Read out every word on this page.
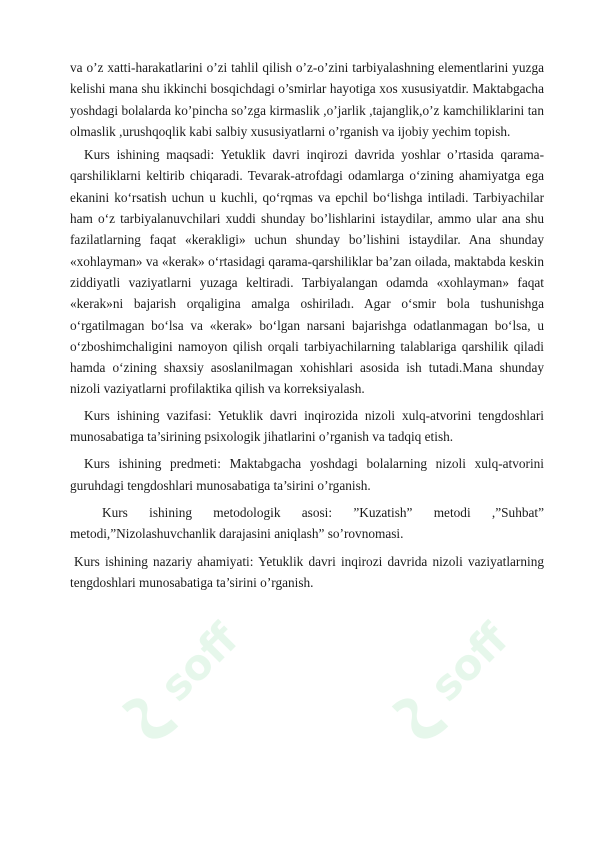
soff	soff

va o’z xatti-harakatlarini o’zi tahlil qilish o’z-o’zini tarbiyalashning elementlarini yuzga kelishi mana shu ikkinchi bosqichdagi o’smirlar hayotiga xos xususiyatdir. Maktabgacha yoshdagi bolalarda ko’pincha so’zga kirmaslik ,o’jarlik ,tajanglik,o’z kamchiliklarini tan olmaslik ,urushqoqlik kabi salbiy xususiyatlarni o’rganish va ijobiy yechim topish.

Kurs ishining maqsadi: Yetuklik davri inqirozi davrida yoshlar o’rtasida qarama-qarshiliklarni keltirib chiqaradi. Tevarak-atrofdagi odamlarga o‘zining ahamiyatga ega ekanini ko‘rsatish uchun u kuchli, qo‘rqmas va epchil bo‘lishga intiladi. Tarbiyachilar ham o‘z tarbiyalanuvchilari xuddi shunday bo’lishlarini istaydilar, ammo ular ana shu fazilatlarning faqat «kerakligi» uchun shunday bo’lishini istaydilar. Ana shunday «xohlayman» va «kerak» o‘rtasidagi qarama-qarshiliklar ba’zan oilada, maktabda keskin ziddiyatli vaziyatlarni yuzaga keltiradi. Tarbiyalangan odamda «xohlayman» faqat «kerak»ni bajarish orqaligina amalga oshiriladı. Agar o‘smir bola tushunishga o‘rgatilmagan bo‘lsa va «kerak» bo‘lgan narsani bajarishga odatlanmagan bo‘lsa, u o‘zboshimchaligini namoyon qilish orqali tarbiyachilarning talablariga qarshilik qiladi hamda o‘zining shaxsiy asoslanilmagan xohishlari asosida ish tutadi.Mana shunday nizoli vaziyatlarni profilaktika qilish va korreksiyalash.

Kurs ishining vazifasi: Yetuklik davri inqirozida nizoli xulq-atvorini tengdoshlari munosabatiga ta’sirining psixologik jihatlarini o’rganish va tadqiq etish.

Kurs ishining predmeti: Maktabgacha yoshdagi bolalarning nizoli xulq-atvorini guruhdagi tengdoshlari munosabatiga ta’sirini o’rganish.

Kurs ishining metodologik asosi: ”Kuzatish” metodi ,”Suhbat”
metodi,”Nizolashuvchanlik darajasini aniqlash” so’rovnomasi.

Kurs ishining nazariy ahamiyati: Yetuklik davri inqirozi davrida nizoli vaziyatlarning tengdoshlari munosabatiga ta’sirini o’rganish.
